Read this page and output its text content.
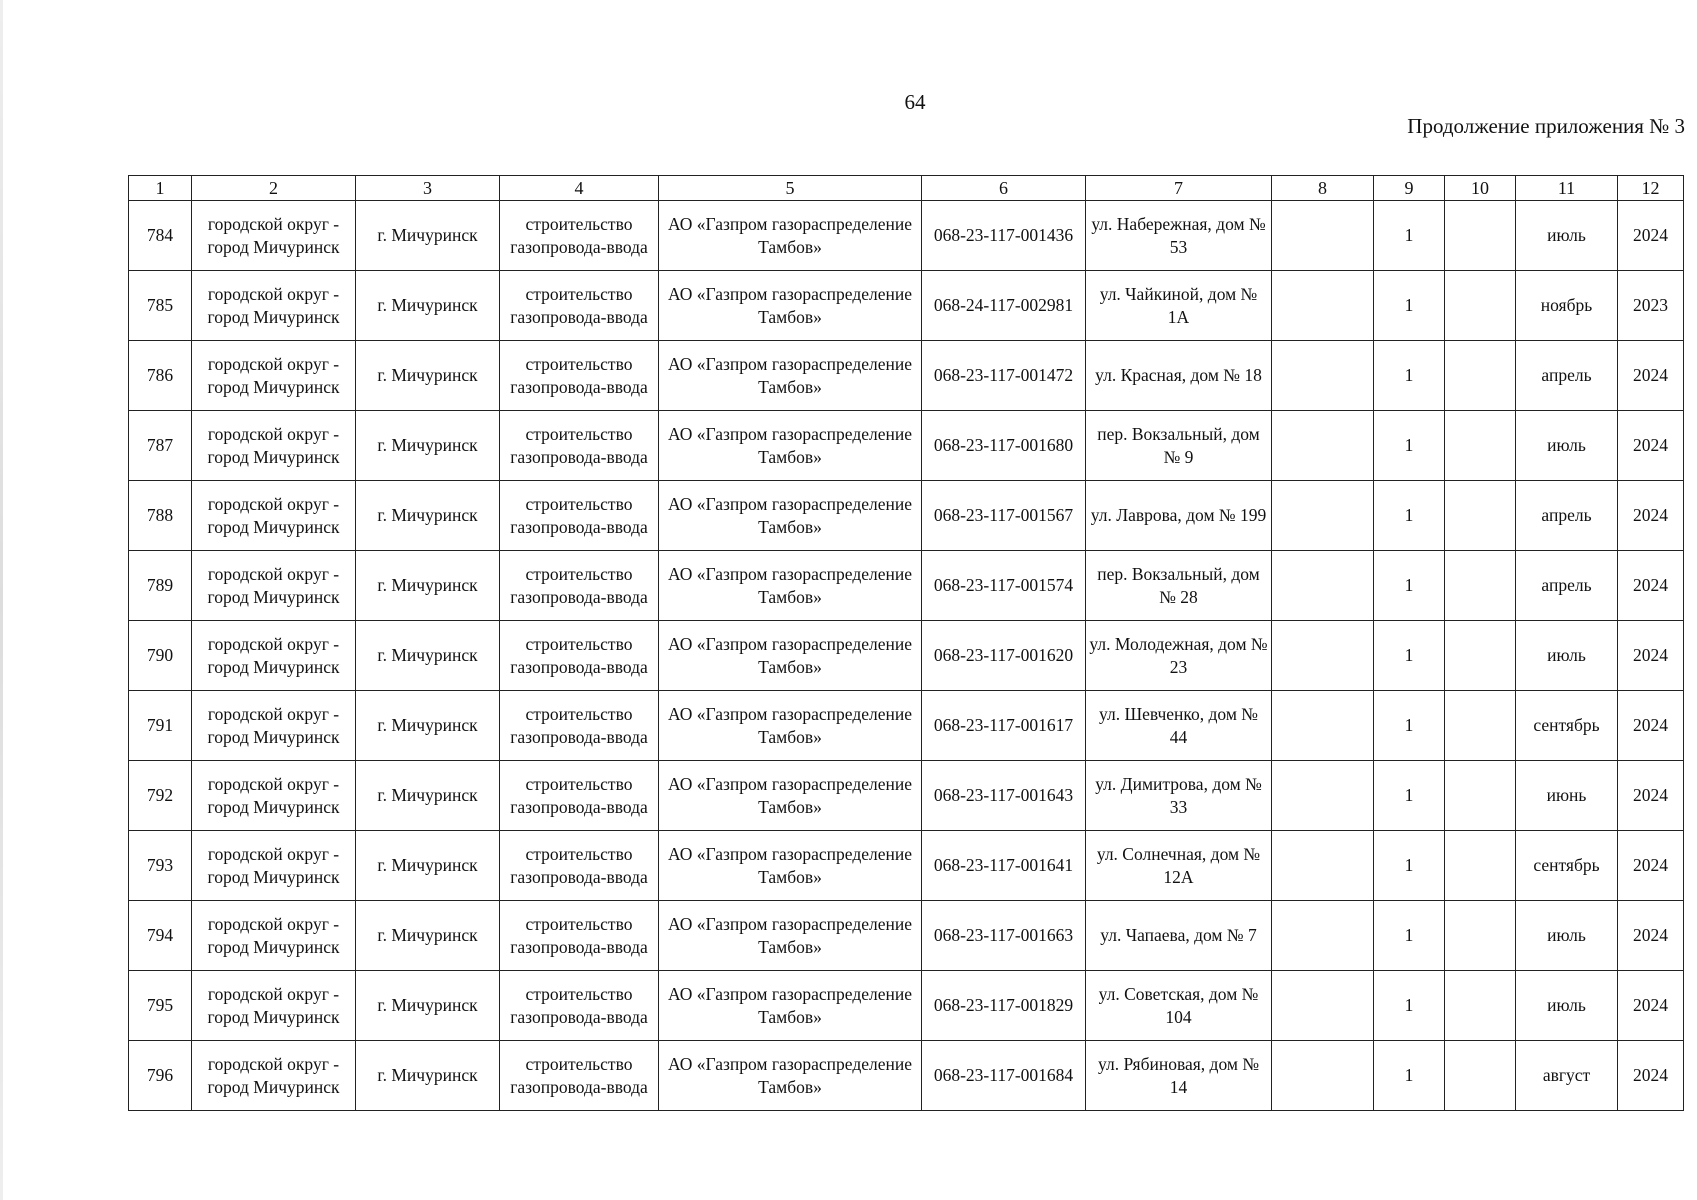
64
Продолжение приложения № 3
1	2	3	4	5	6	7	8	9	10	11	12
784	городской округ - город Мичуринск	г. Мичуринск	строительство газопровода-ввода	АО «Газпром газораспределение Тамбов»	068-23-117-001436	ул. Набережная, дом № 53		1		июль	2024
785	городской округ - город Мичуринск	г. Мичуринск	строительство газопровода-ввода	АО «Газпром газораспределение Тамбов»	068-24-117-002981	ул. Чайкиной, дом № 1А		1		ноябрь	2023
786	городской округ - город Мичуринск	г. Мичуринск	строительство газопровода-ввода	АО «Газпром газораспределение Тамбов»	068-23-117-001472	ул. Красная, дом № 18		1		апрель	2024
787	городской округ - город Мичуринск	г. Мичуринск	строительство газопровода-ввода	АО «Газпром газораспределение Тамбов»	068-23-117-001680	пер. Вокзальный, дом № 9		1		июль	2024
788	городской округ - город Мичуринск	г. Мичуринск	строительство газопровода-ввода	АО «Газпром газораспределение Тамбов»	068-23-117-001567	ул. Лаврова, дом № 199		1		апрель	2024
789	городской округ - город Мичуринск	г. Мичуринск	строительство газопровода-ввода	АО «Газпром газораспределение Тамбов»	068-23-117-001574	пер. Вокзальный, дом № 28		1		апрель	2024
790	городской округ - город Мичуринск	г. Мичуринск	строительство газопровода-ввода	АО «Газпром газораспределение Тамбов»	068-23-117-001620	ул. Молодежная, дом № 23		1		июль	2024
791	городской округ - город Мичуринск	г. Мичуринск	строительство газопровода-ввода	АО «Газпром газораспределение Тамбов»	068-23-117-001617	ул. Шевченко, дом № 44		1		сентябрь	2024
792	городской округ - город Мичуринск	г. Мичуринск	строительство газопровода-ввода	АО «Газпром газораспределение Тамбов»	068-23-117-001643	ул. Димитрова, дом № 33		1		июнь	2024
793	городской округ - город Мичуринск	г. Мичуринск	строительство газопровода-ввода	АО «Газпром газораспределение Тамбов»	068-23-117-001641	ул. Солнечная, дом № 12А		1		сентябрь	2024
794	городской округ - город Мичуринск	г. Мичуринск	строительство газопровода-ввода	АО «Газпром газораспределение Тамбов»	068-23-117-001663	ул. Чапаева, дом № 7		1		июль	2024
795	городской округ - город Мичуринск	г. Мичуринск	строительство газопровода-ввода	АО «Газпром газораспределение Тамбов»	068-23-117-001829	ул. Советская, дом № 104		1		июль	2024
796	городской округ - город Мичуринск	г. Мичуринск	строительство газопровода-ввода	АО «Газпром газораспределение Тамбов»	068-23-117-001684	ул. Рябиновая, дом № 14		1		август	2024
